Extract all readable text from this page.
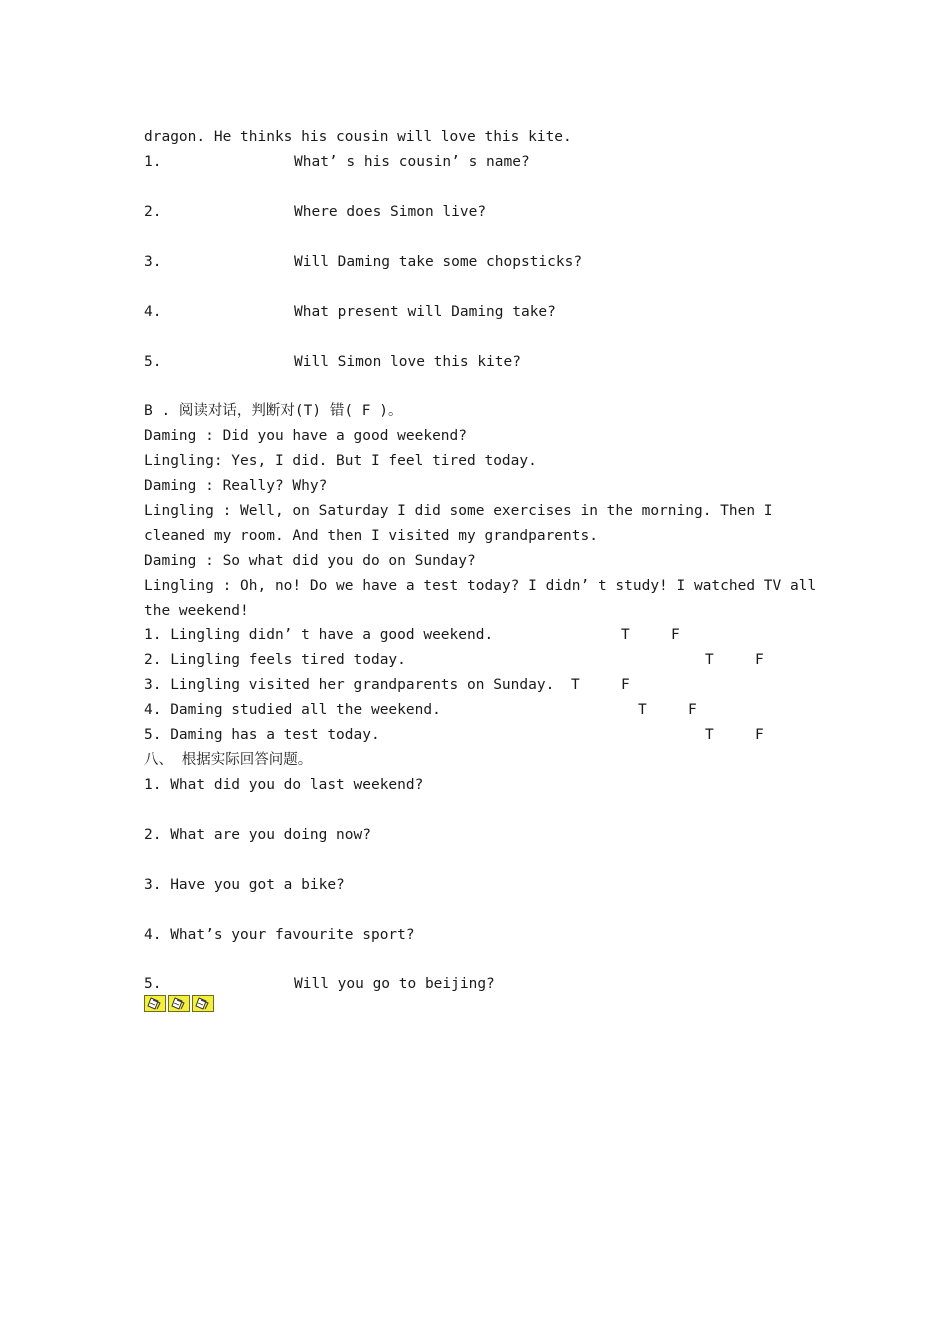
dragon. He thinks his cousin will love this kite.
1.	What’ s his cousin’ s name?
2.	Where does Simon live?
3.	Will Daming take some chopsticks?
4.	What present will Daming take?
5.	Will Simon love this kite?
B . 阅读对话，判断对(T) 错( F )。
Daming : Did you have a good weekend?
Lingling: Yes, I did. But I feel tired today.
Daming : Really? Why?
Lingling : Well, on Saturday I did some exercises in the morning. Then I
cleaned my room. And then I visited my grandparents.
Daming : So what did you do on Sunday?
Lingling : Oh, no! Do we have a test today? I didn’ t study! I watched TV all
the weekend!
1. Lingling didn’ t have a good weekend.	T	F
2. Lingling feels tired today.	T	F
3. Lingling visited her grandparents on Sunday. T	F
4. Daming studied all the weekend.	T	F
5. Daming has a test today.	T	F
八、 根据实际回答问题。
1. What did you do last weekend?
2. What are you doing now?
3. Have you got a bike?
4. What’s your favourite sport?
5.	Will you go to beijing?
